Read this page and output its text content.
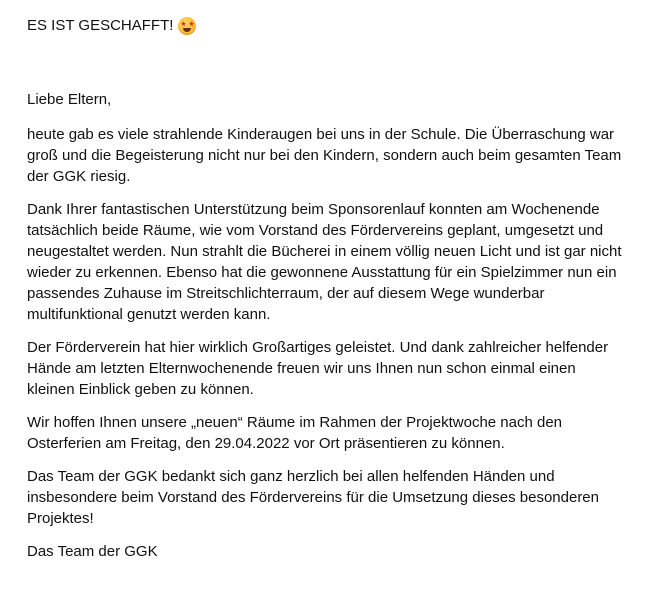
ES IST GESCHAFFT! ★ ★

Liebe Eltern,

heute gab es viele strahlende Kinderaugen bei uns in der Schule. Die Überraschung war groß und die Begeisterung nicht nur bei den Kindern, sondern auch beim gesamten Team der GGK riesig.

Dank Ihrer fantastischen Unterstützung beim Sponsorenlauf konnten am Wochenende tatsächlich beide Räume, wie vom Vorstand des Fördervereins geplant, umgesetzt und neugestaltet werden. Nun strahlt die Bücherei in einem völlig neuen Licht und ist gar nicht wieder zu erkennen. Ebenso hat die gewonnene Ausstattung für ein Spielzimmer nun ein passendes Zuhause im Streitschlichterraum, der auf diesem Wege wunderbar multifunktional genutzt werden kann.

Der Förderverein hat hier wirklich Großartiges geleistet. Und dank zahlreicher helfender Hände am letzten Elternwochenende freuen wir uns Ihnen nun schon einmal einen kleinen Einblick geben zu können.

Wir hoffen Ihnen unsere „neuen“ Räume im Rahmen der Projektwoche nach den Osterferien am Freitag, den 29.04.2022 vor Ort präsentieren zu können.

Das Team der GGK bedankt sich ganz herzlich bei allen helfenden Händen und insbesondere beim Vorstand des Fördervereins für die Umsetzung dieses besonderen Projektes!

Das Team der GGK
